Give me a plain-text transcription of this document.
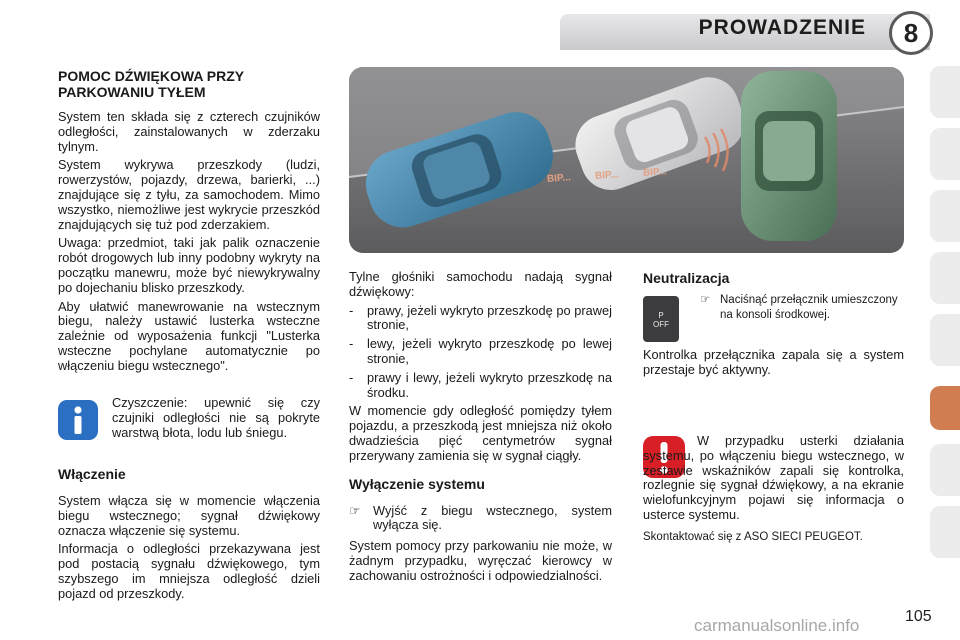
PROWADZENIE	8
POMOC DŹWIĘKOWA PRZY PARKOWANIU TYŁEM

System ten składa się z czterech czujników odległości, zainstalowanych w zderzaku tylnym.

System wykrywa przeszkody (ludzi, rowerzystów, pojazdy, drzewa, barierki, ...) znajdujące się z tyłu, za samochodem. Mimo wszystko, niemożliwe jest wykrycie przeszkód znajdujących się tuż pod zderzakiem.

Uwaga: przedmiot, taki jak palik oznaczenie robót drogowych lub inny podobny wykryty na początku manewru, może być niewykrywalny po dojechaniu blisko przeszkody.

Aby ułatwić manewrowanie na wstecznym biegu, należy ustawić lusterka wsteczne zależnie od wyposażenia funkcji "Lusterka wsteczne pochylane automatycznie po włączeniu biegu wstecznego".

Czyszczenie: upewnić się czy czujniki odległości nie są pokryte warstwą błota, lodu lub śniegu.

Włączenie

System włącza się w momencie włączenia biegu wstecznego; sygnał dźwiękowy oznacza włączenie się systemu.

Informacja o odległości przekazywana jest pod postacią sygnału dźwiękowego, tym szybszego im mniejsza odległość dzieli pojazd od przeszkody.

BIP... BIP... BIP...

Tylne głośniki samochodu nadają sygnał dźwiękowy:

-	prawy, jeżeli wykryto przeszkodę po prawej stronie,
-	lewy, jeżeli wykryto przeszkodę po lewej stronie,
-	prawy i lewy, jeżeli wykryto przeszkodę na środku.

W momencie gdy odległość pomiędzy tyłem pojazdu, a przeszkodą jest mniejsza niż około dwadzieścia pięć centymetrów sygnał przerywany zamienia się w sygnał ciągły.

Wyłączenie systemu
☞ Wyjść z biegu wstecznego, system wyłącza się.

System pomocy przy parkowaniu nie może, w żadnym przypadku, wyręczać kierowcy w zachowaniu ostrożności i odpowiedzialności.

Neutralizacja
P
OFF
☞ Naciśnąć przełącznik umieszczony na konsoli środkowej.

Kontrolka przełącznika zapala się a system przestaje być aktywny.

W przypadku usterki działania systemu, po włączeniu biegu wstecznego, w zestawie wskaźników zapali się kontrolka, rozlegnie się sygnał dźwiękowy, a na ekranie wielofunkcyjnym pojawi się informacja o usterce systemu.

Skontaktować się z ASO SIECI PEUGEOT.

carmanualsonline.info	105
